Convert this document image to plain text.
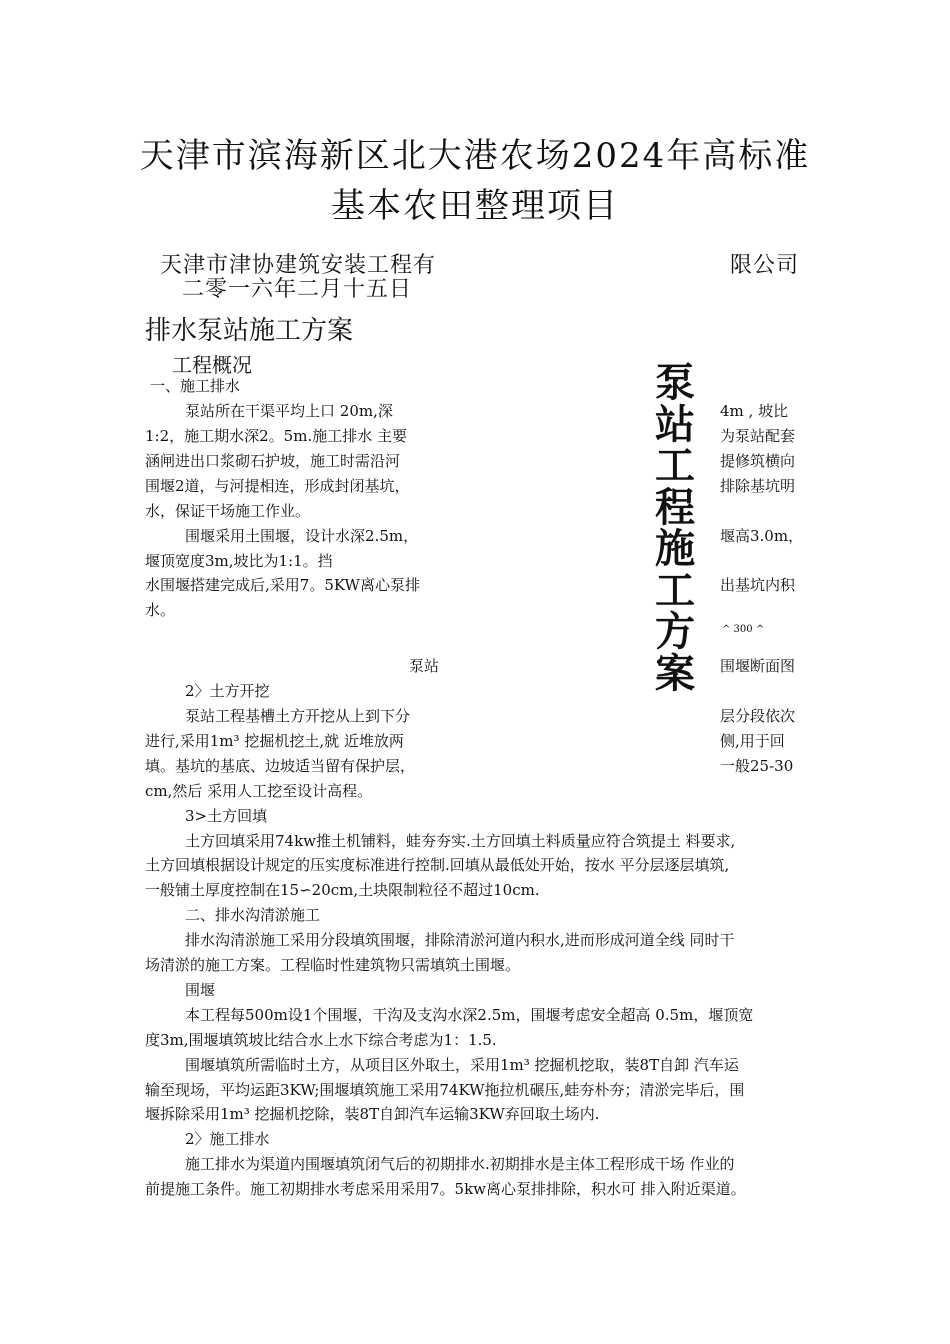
天津市滨海新区北大港农场2024年高标准
基本农田整理项目
天津市津协建筑安装工程有	限公司
二零一六年二月十五日
排水泵站施工方案
工程概况	泵
站
工
程
施
工
方
案
一、施工排水
泵站所在干渠平均上口 20m,深	4m , 坡比
1:2，施工期水深2。5m.施工排水 主要	为泵站配套
涵闸进出口浆砌石护坡，施工时需沿河	提修筑横向
围堰2道，与河提相连，形成封闭基坑，	排除基坑明
水，保证干场施工作业。
围堰采用土围堰，设计水深2.5m，	堰高3.0m，
堰顶宽度3m,坡比为1:1。挡
水围堰搭建完成后,采用7。5KW离心泵排	出基坑内积
水。
^ 300 ^
泵站	围堰断面图
2〉土方开挖
泵站工程基槽土方开挖从上到下分	层分段依次
进行,采用1m³ 挖掘机挖土,就 近堆放两	侧,用于回
填。基坑的基底、边坡适当留有保护层，	一般25-30
cm,然后 采用人工挖至设计高程。
3>土方回填
土方回填采用74kw推土机铺料，蛙夯夯实.土方回填土料质量应符合筑提土 料要求,
土方回填根据设计规定的压实度标准进行控制.回填从最低处开始，按水 平分层逐层填筑,
一般铺土厚度控制在15∽20cm,土块限制粒径不超过10cm.
二、排水沟清淤施工
排水沟清淤施工采用分段填筑围堰，排除清淤河道内积水,进而形成河道全线 同时干
场清淤的施工方案。工程临时性建筑物只需填筑土围堰。
围堰
本工程每500m设1个围堰，干沟及支沟水深2.5m，围堰考虑安全超高 0.5m，堰顶宽
度3m,围堰填筑坡比结合水上水下综合考虑为1：1.5.
围堰填筑所需临时土方，从项目区外取土，采用1m³ 挖掘机挖取，装8T自卸 汽车运
输至现场，平均运距3KW;围堰填筑施工采用74KW拖拉机碾压,蛙夯朴夯；清淤完毕后，围
堰拆除采用1m³ 挖掘机挖除，装8T自卸汽车运输3KW弃回取土场内.
2〉施工排水
施工排水为渠道内围堰填筑闭气后的初期排水.初期排水是主体工程形成干场 作业的
前提施工条件。施工初期排水考虑采用采用7。5kw离心泵排排除，积水可 排入附近渠道。
